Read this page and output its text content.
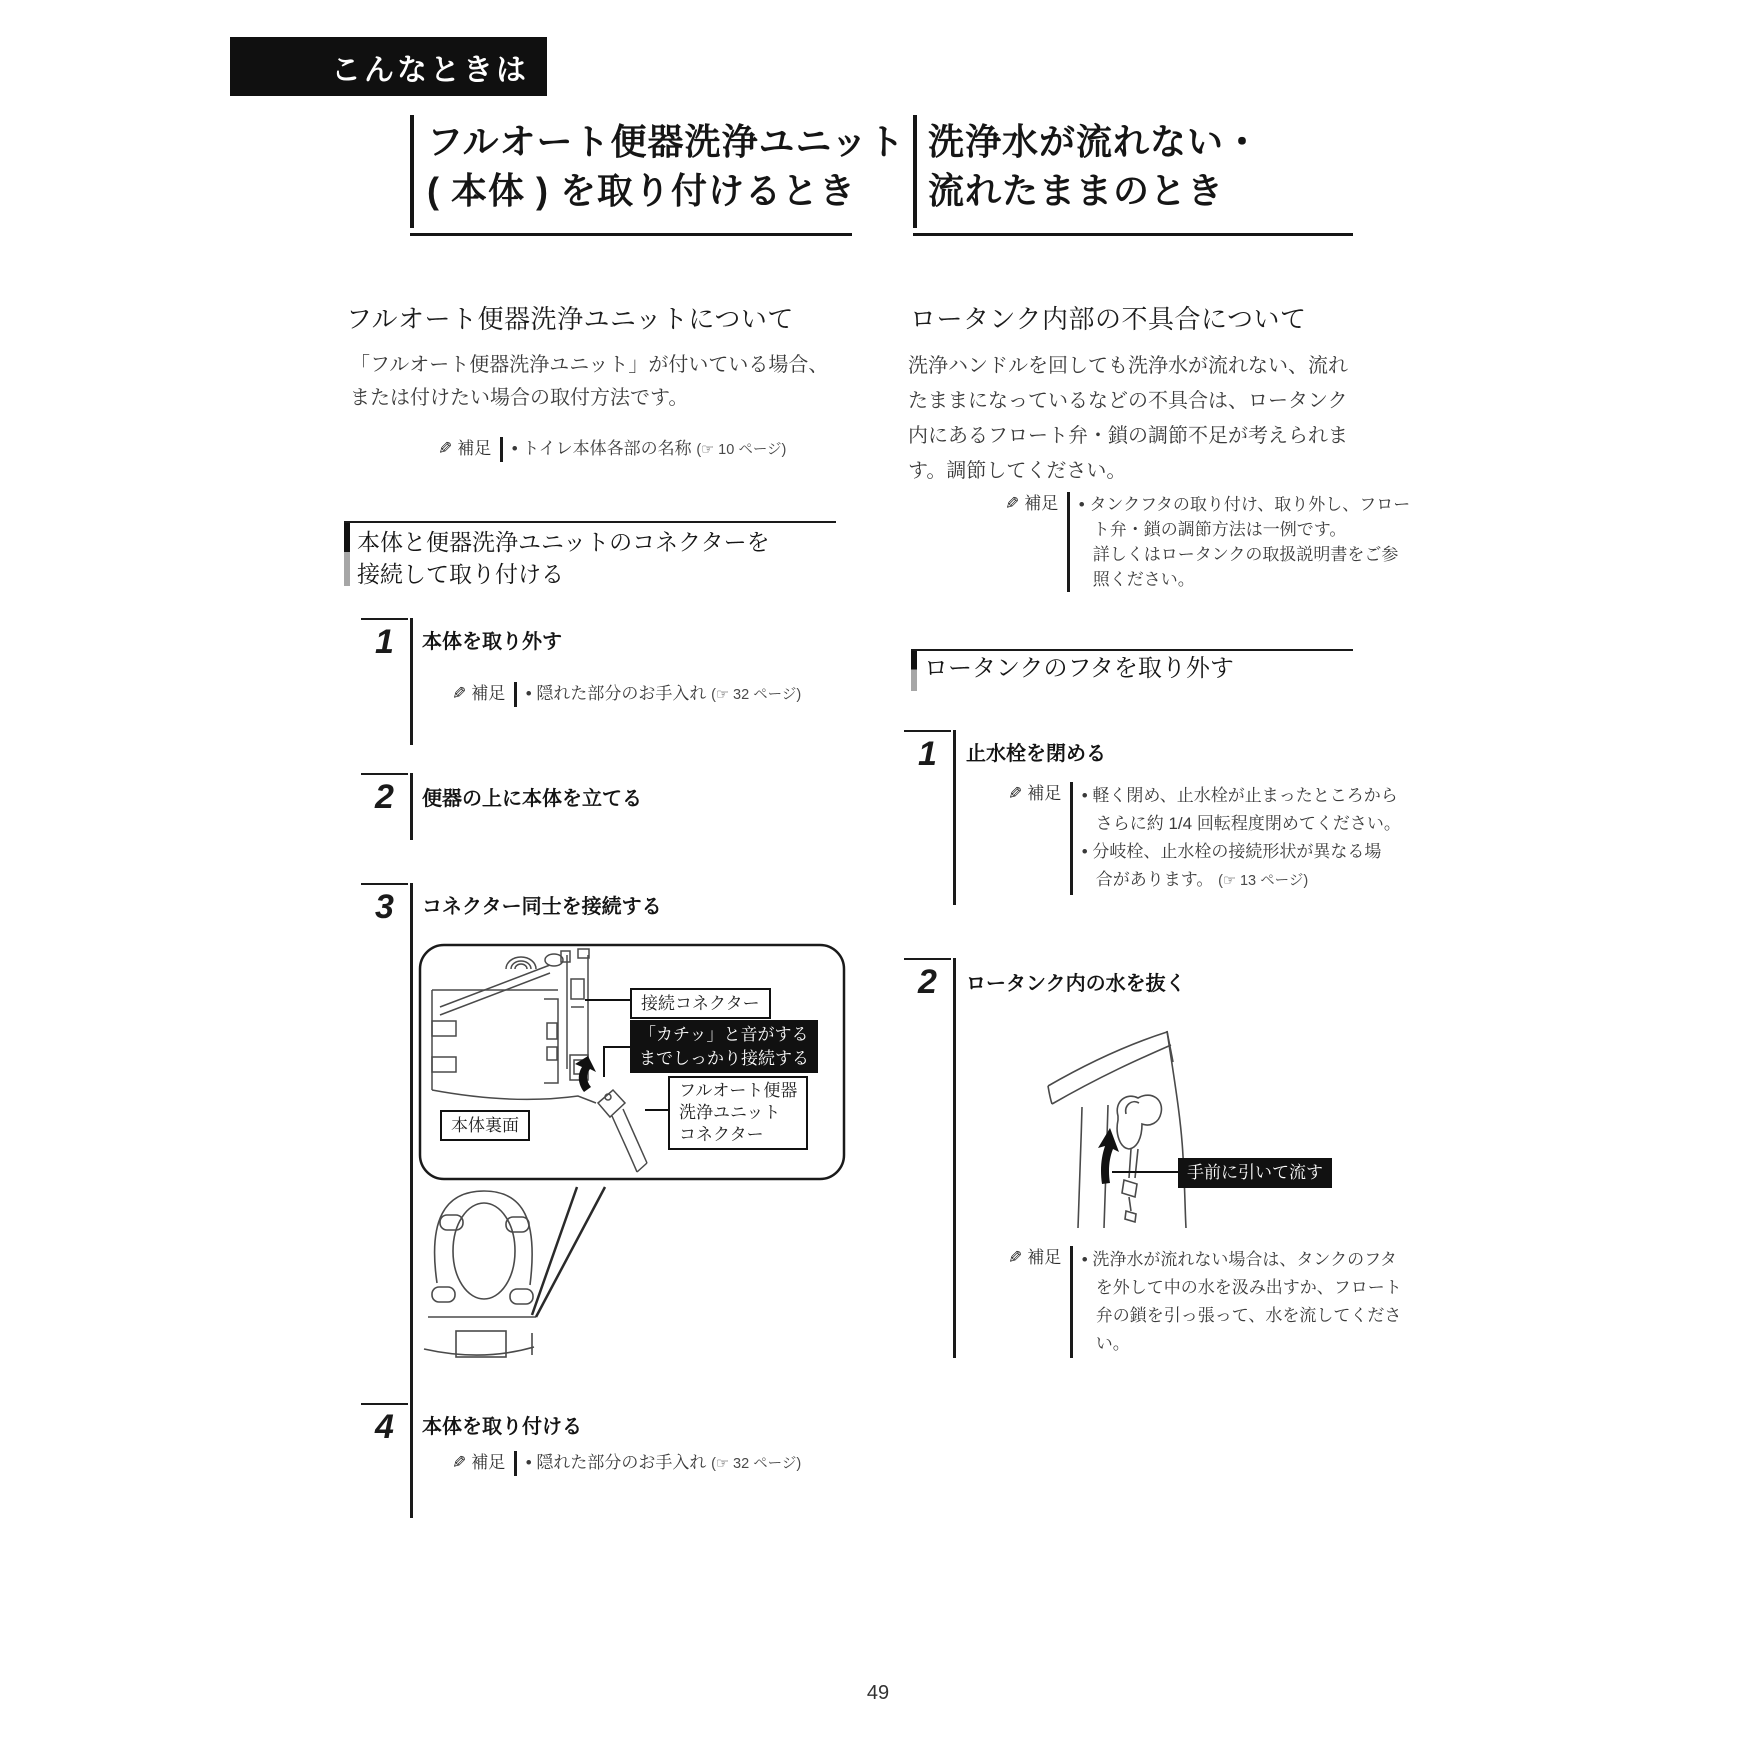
こんなときは
フルオート便器洗浄ユニット
( 本体 ) を取り付けるとき
フルオート便器洗浄ユニットについて
「フルオート便器洗浄ユニット」が付いている場合、
または付けたい場合の取付方法です。
✎ 補足 • トイレ本体各部の名称 (☞ 10 ページ)
本体と便器洗浄ユニットのコネクターを
接続して取り付ける
1	本体を取り外す
✎ 補足 • 隠れた部分のお手入れ (☞ 32 ページ)
2	便器の上に本体を立てる
3	コネクター同士を接続する
接続コネクター
「カチッ」と音がする
までしっかり接続する
フルオート便器
洗浄ユニット
コネクター
本体裏面
4	本体を取り付ける
✎ 補足 • 隠れた部分のお手入れ (☞ 32 ページ)
洗浄水が流れない・
流れたままのとき
ロータンク内部の不具合について
洗浄ハンドルを回しても洗浄水が流れない、流れ
たままになっているなどの不具合は、ロータンク
内にあるフロート弁・鎖の調節不足が考えられま
す。調節してください。
✎ 補足 • タンクフタの取り付け、取り外し、フロー
ト弁・鎖の調節方法は一例です。
詳しくはロータンクの取扱説明書をご参
照ください。
ロータンクのフタを取り外す
1	止水栓を閉める
✎ 補足 • 軽く閉め、止水栓が止まったところから
さらに約 1/4 回転程度閉めてください。
• 分岐栓、止水栓の接続形状が異なる場
合があります。 (☞ 13 ページ)
2	ロータンク内の水を抜く
手前に引いて流す
✎ 補足 • 洗浄水が流れない場合は、タンクのフタ
を外して中の水を汲み出すか、フロート
弁の鎖を引っ張って、水を流してくださ
い。
49
